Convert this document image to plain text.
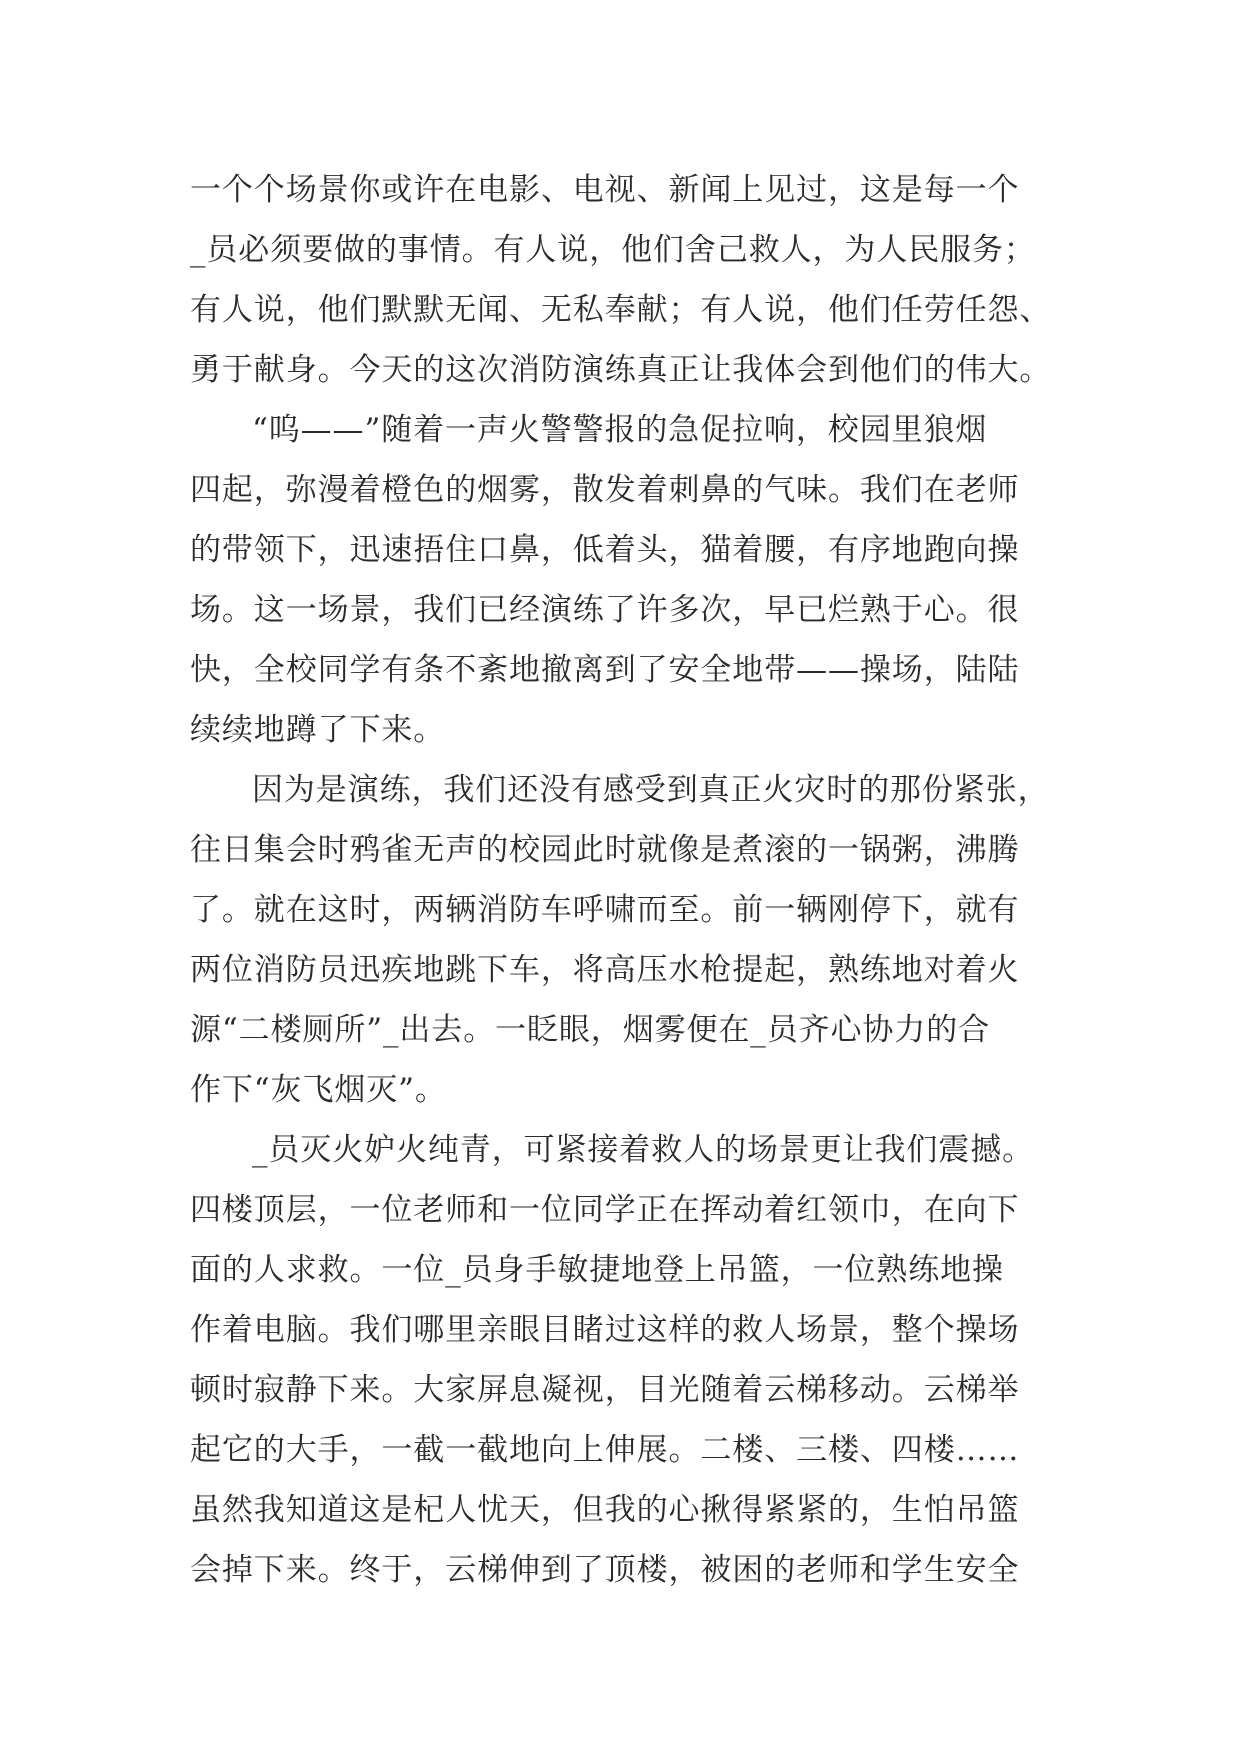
一个个场景你或许在电影、电视、新闻上见过，这是每一个
_员必须要做的事情。有人说，他们舍己救人，为人民服务；
有人说，他们默默无闻、无私奉献；有人说，他们任劳任怨、
勇于献身。今天的这次消防演练真正让我体会到他们的伟大。
“呜——”随着一声火警警报的急促拉响，校园里狼烟
四起，弥漫着橙色的烟雾，散发着刺鼻的气味。我们在老师
的带领下，迅速捂住口鼻，低着头，猫着腰，有序地跑向操
场。这一场景，我们已经演练了许多次，早已烂熟于心。很
快，全校同学有条不紊地撤离到了安全地带——操场，陆陆
续续地蹲了下来。
因为是演练，我们还没有感受到真正火灾时的那份紧张，
往日集会时鸦雀无声的校园此时就像是煮滚的一锅粥，沸腾
了。就在这时，两辆消防车呼啸而至。前一辆刚停下，就有
两位消防员迅疾地跳下车，将高压水枪提起，熟练地对着火
源“二楼厕所”_出去。一眨眼，烟雾便在_员齐心协力的合
作下“灰飞烟灭”。
_员灭火妒火纯青，可紧接着救人的场景更让我们震撼。
四楼顶层，一位老师和一位同学正在挥动着红领巾，在向下
面的人求救。一位_员身手敏捷地登上吊篮，一位熟练地操
作着电脑。我们哪里亲眼目睹过这样的救人场景，整个操场
顿时寂静下来。大家屏息凝视，目光随着云梯移动。云梯举
起它的大手，一截一截地向上伸展。二楼、三楼、四楼……
虽然我知道这是杞人忧天，但我的心揪得紧紧的，生怕吊篮
会掉下来。终于，云梯伸到了顶楼，被困的老师和学生安全
